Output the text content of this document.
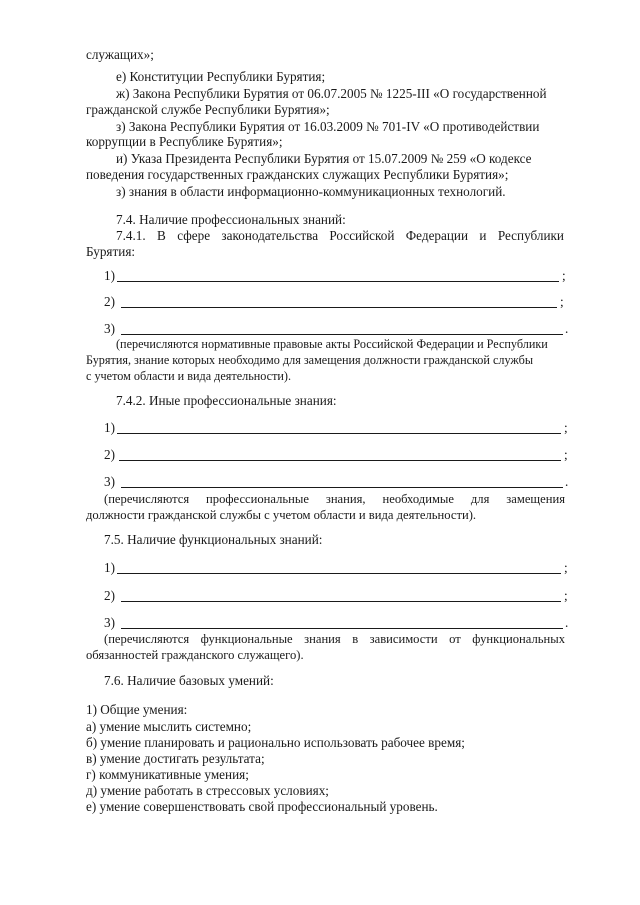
служащих»;
е) Конституции Республики Бурятия;
ж) Закона Республики Бурятия от 06.07.2005 № 1225-III «О государственной
гражданской службе Республики Бурятия»;
з) Закона Республики Бурятия от 16.03.2009 № 701-IV «О противодействии
коррупции в Республике Бурятия»;
и) Указа Президента Республики Бурятия от 15.07.2009 № 259 «О кодексе
поведения государственных гражданских служащих Республики Бурятия»;
з) знания в области информационно-коммуникационных технологий.
7.4. Наличие профессиональных знаний:
7.4.1. В сфере законодательства Российской Федерации и Республики
Бурятия:
1)	;
2)	;
3)	.
(перечисляются нормативные правовые акты Российской Федерации и Республики
Бурятия, знание которых необходимо для замещения должности гражданской службы
с учетом области и вида деятельности).
7.4.2. Иные профессиональные знания:
1)	;
2)	;
3)	.
(перечисляются профессиональные знания, необходимые для замещения
должности гражданской службы с учетом области и вида деятельности).
7.5. Наличие функциональных знаний:
1)	;
2)	;
3)	.
(перечисляются функциональные знания в зависимости от функциональных
обязанностей гражданского служащего).
7.6. Наличие базовых умений:
1) Общие умения:
а) умение мыслить системно;
б) умение планировать и рационально использовать рабочее время;
в) умение достигать результата;
г) коммуникативные умения;
д) умение работать в стрессовых условиях;
е) умение совершенствовать свой профессиональный уровень.
